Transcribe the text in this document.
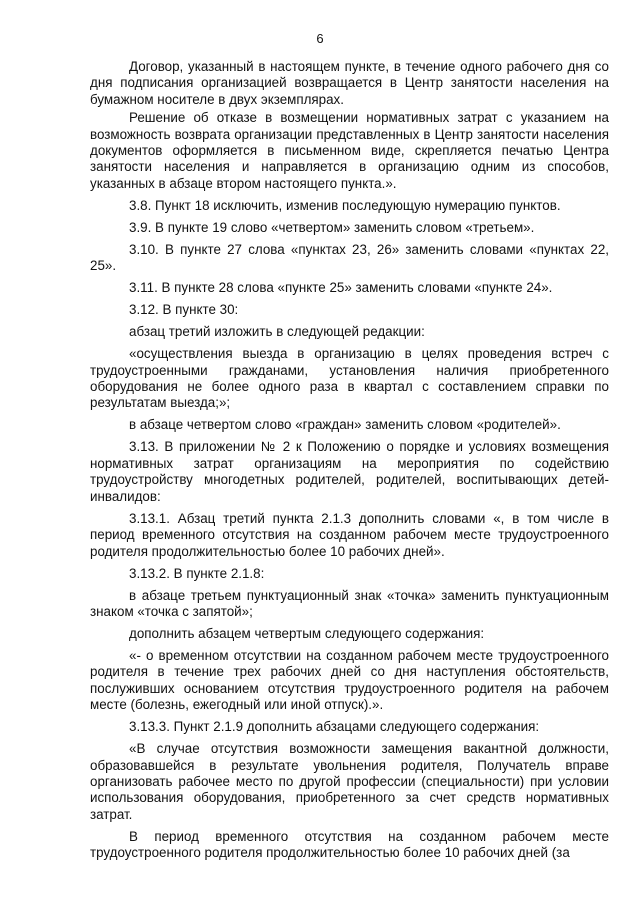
6

Договор, указанный в настоящем пункте, в течение одного рабочего дня со дня подписания организацией возвращается в Центр занятости населения на бумажном носителе в двух экземплярах.

Решение об отказе в возмещении нормативных затрат с указанием на возможность возврата организации представленных в Центр занятости населения документов оформляется в письменном виде, скрепляется печатью Центра занятости населения и направляется в организацию одним из способов, указанных в абзаце втором настоящего пункта.».

3.8. Пункт 18 исключить, изменив последующую нумерацию пунктов.

3.9. В пункте 19 слово «четвертом» заменить словом «третьем».

3.10. В пункте 27 слова «пунктах 23, 26» заменить словами «пунктах 22, 25».

3.11. В пункте 28 слова «пункте 25» заменить словами «пункте 24».

3.12. В пункте 30:

абзац третий изложить в следующей редакции:

«осуществления выезда в организацию в целях проведения встреч с трудоустроенными гражданами, установления наличия приобретенного оборудования не более одного раза в квартал с составлением справки по результатам выезда;»;

в абзаце четвертом слово «граждан» заменить словом «родителей».

3.13. В приложении № 2 к Положению о порядке и условиях возмещения нормативных затрат организациям на мероприятия по содействию трудоустройству многодетных родителей, родителей, воспитывающих детей-инвалидов:

3.13.1. Абзац третий пункта 2.1.3 дополнить словами «, в том числе в период временного отсутствия на созданном рабочем месте трудоустроенного родителя продолжительностью более 10 рабочих дней».

3.13.2. В пункте 2.1.8:

в абзаце третьем пунктуационный знак «точка» заменить пунктуационным знаком «точка с запятой»;

дополнить абзацем четвертым следующего содержания:

«- о временном отсутствии на созданном рабочем месте трудоустроенного родителя в течение трех рабочих дней со дня наступления обстоятельств, послуживших основанием отсутствия трудоустроенного родителя на рабочем месте (болезнь, ежегодный или иной отпуск).».

3.13.3. Пункт 2.1.9 дополнить абзацами следующего содержания:

«В случае отсутствия возможности замещения вакантной должности, образовавшейся в результате увольнения родителя, Получатель вправе организовать рабочее место по другой профессии (специальности) при условии использования оборудования, приобретенного за счет средств нормативных затрат.

В период временного отсутствия на созданном рабочем месте трудоустроенного родителя продолжительностью более 10 рабочих дней (за
